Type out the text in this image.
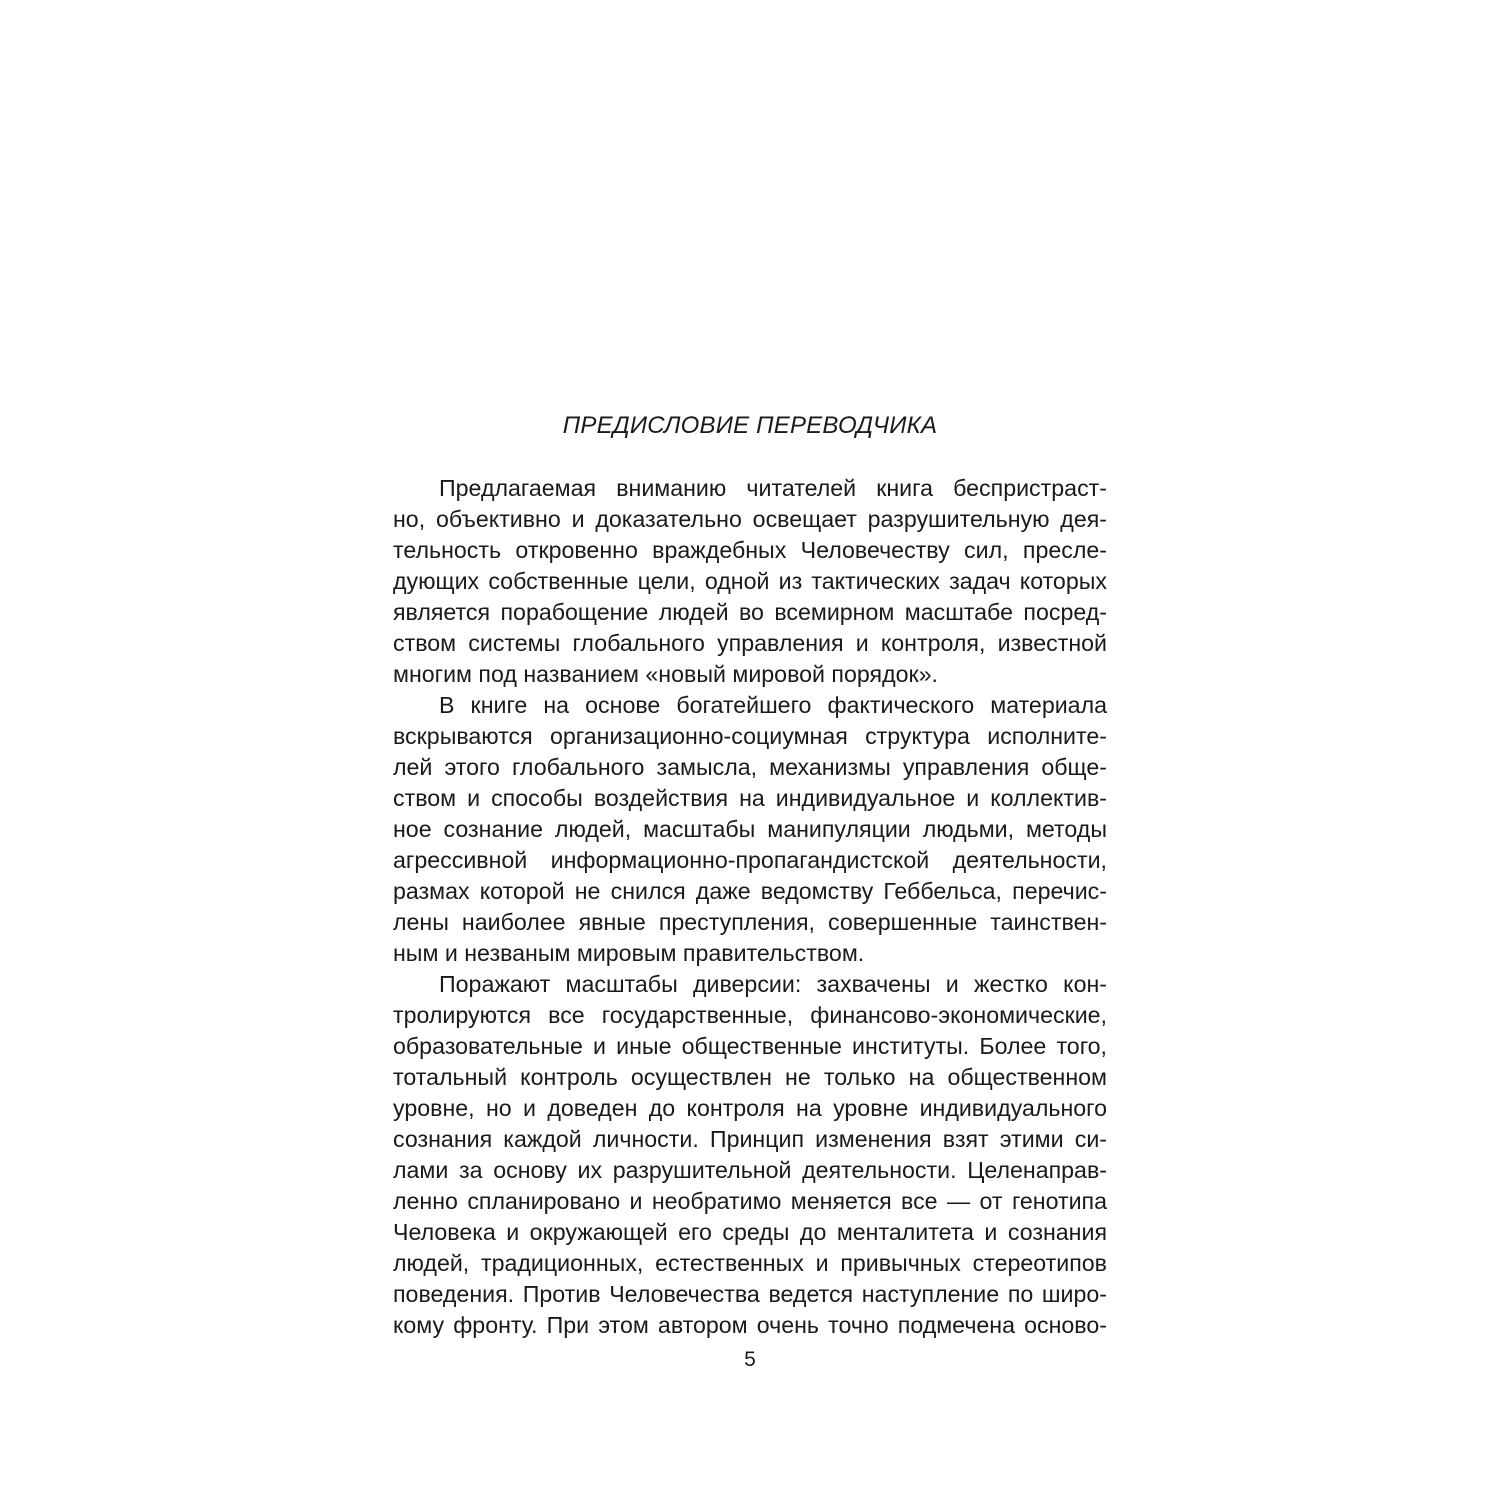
ПРЕДИСЛОВИЕ ПЕРЕВОДЧИКА
Предлагаемая вниманию читателей книга беспристраст-
но, объективно и доказательно освещает разрушительную дея-
тельность откровенно враждебных Человечеству сил, пресле-
дующих собственные цели, одной из тактических задач которых
является порабощение людей во всемирном масштабе посред-
ством системы глобального управления и контроля, известной
многим под названием «новый мировой порядок».
В книге на основе богатейшего фактического материала
вскрываются организационно-социумная структура исполните-
лей этого глобального замысла, механизмы управления обще-
ством и способы воздействия на индивидуальное и коллектив-
ное сознание людей, масштабы манипуляции людьми, методы
агрессивной информационно-пропагандистской деятельности,
размах которой не снился даже ведомству Геббельса, перечис-
лены наиболее явные преступления, совершенные таинствен-
ным и незваным мировым правительством.
Поражают масштабы диверсии: захвачены и жестко кон-
тролируются все государственные, финансово-экономические,
образовательные и иные общественные институты. Более того,
тотальный контроль осуществлен не только на общественном
уровне, но и доведен до контроля на уровне индивидуального
сознания каждой личности. Принцип изменения взят этими си-
лами за основу их разрушительной деятельности. Целенаправ-
ленно спланировано и необратимо меняется все — от генотипа
Человека и окружающей его среды до менталитета и сознания
людей, традиционных, естественных и привычных стереотипов
поведения. Против Человечества ведется наступление по широ-
кому фронту. При этом автором очень точно подмечена осново-
5
